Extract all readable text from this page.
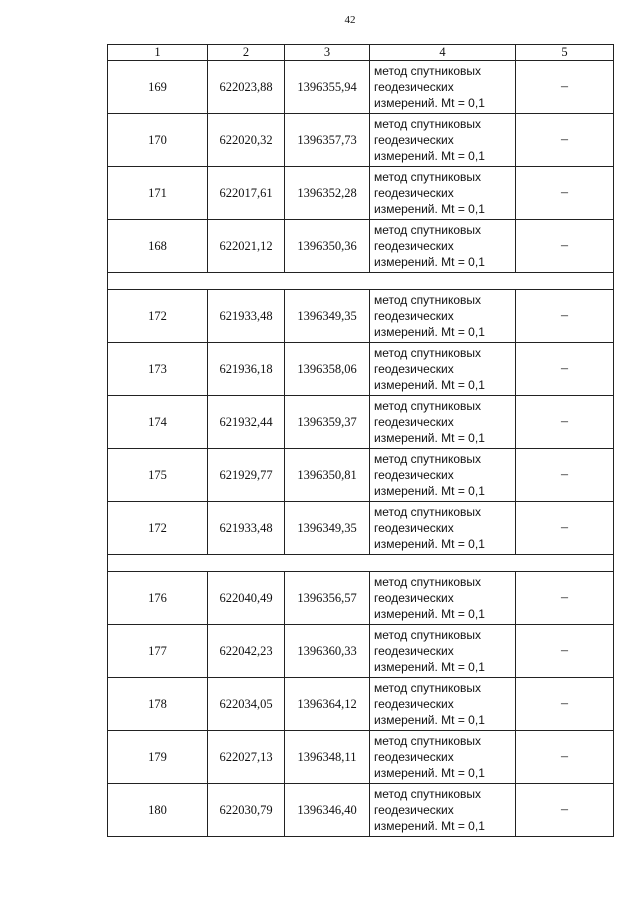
42
1	2	3	4	5
169	622023,88	1396355,94	метод спутниковых
геодезических
измерений. Mt = 0,1	–
170	622020,32	1396357,73	метод спутниковых
геодезических
измерений. Mt = 0,1	–
171	622017,61	1396352,28	метод спутниковых
геодезических
измерений. Mt = 0,1	–
168	622021,12	1396350,36	метод спутниковых
геодезических
измерений. Mt = 0,1	–

172	621933,48	1396349,35	метод спутниковых
геодезических
измерений. Mt = 0,1	–
173	621936,18	1396358,06	метод спутниковых
геодезических
измерений. Mt = 0,1	–
174	621932,44	1396359,37	метод спутниковых
геодезических
измерений. Mt = 0,1	–
175	621929,77	1396350,81	метод спутниковых
геодезических
измерений. Mt = 0,1	–
172	621933,48	1396349,35	метод спутниковых
геодезических
измерений. Mt = 0,1	–

176	622040,49	1396356,57	метод спутниковых
геодезических
измерений. Mt = 0,1	–
177	622042,23	1396360,33	метод спутниковых
геодезических
измерений. Mt = 0,1	–
178	622034,05	1396364,12	метод спутниковых
геодезических
измерений. Mt = 0,1	–
179	622027,13	1396348,11	метод спутниковых
геодезических
измерений. Mt = 0,1	–
180	622030,79	1396346,40	метод спутниковых
геодезических
измерений. Mt = 0,1	–
